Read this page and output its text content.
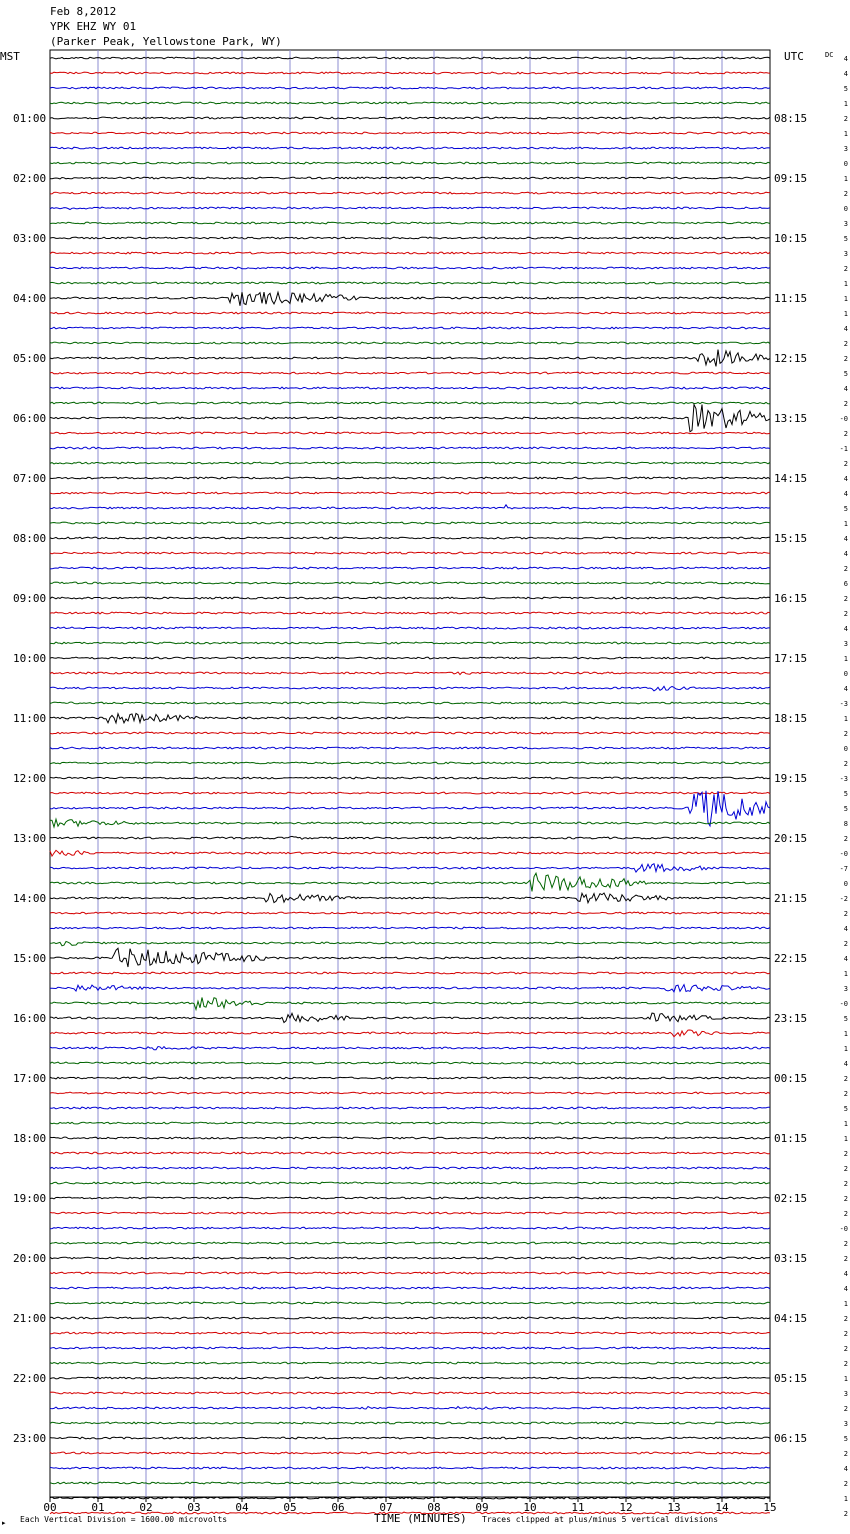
Feb 8,2012
YPK EHZ WY 01
(Parker Peak, Yellowstone Park, WY)
00	01	02	03	04	05	06	07	08	09	10	11	12	13	14	15
MST	UTC	DC
01:00
02:00
03:00
04:00
05:00
06:00
07:00
08:00
09:00
10:00
11:00
12:00
13:00
14:00
15:00
16:00
17:00
18:00
19:00
20:00
21:00
22:00
23:00
08:15
09:15
10:15
11:15
12:15
13:15
14:15
15:15
16:15
17:15
18:15
19:15
20:15
21:15
22:15
23:15
00:15
01:15
02:15
03:15
04:15
05:15
06:15
4
4
5
1
2
1
3
0
1
2
0
3
5
3
2
1
1
1
4
2
2
5
4
2
-0
2
-1
2
4
4
5
1
4
4
2
6
2
2
4
3
1
0
4
-3
1
2
0
2
-3
5
5
8
2
-0
-7
0
-2
2
4
2
4
1
3
-0
5
1
1
4
2
2
5
1
1
2
2
2
2
2
-0
2
2
4
4
1
2
2
2
2
1
3
2
3
5
2
4
2
1
2
▸ Each Vertical Division = 1600.00 microvolts	TIME (MINUTES) Traces clipped at plus/minus 5 vertical divisions
